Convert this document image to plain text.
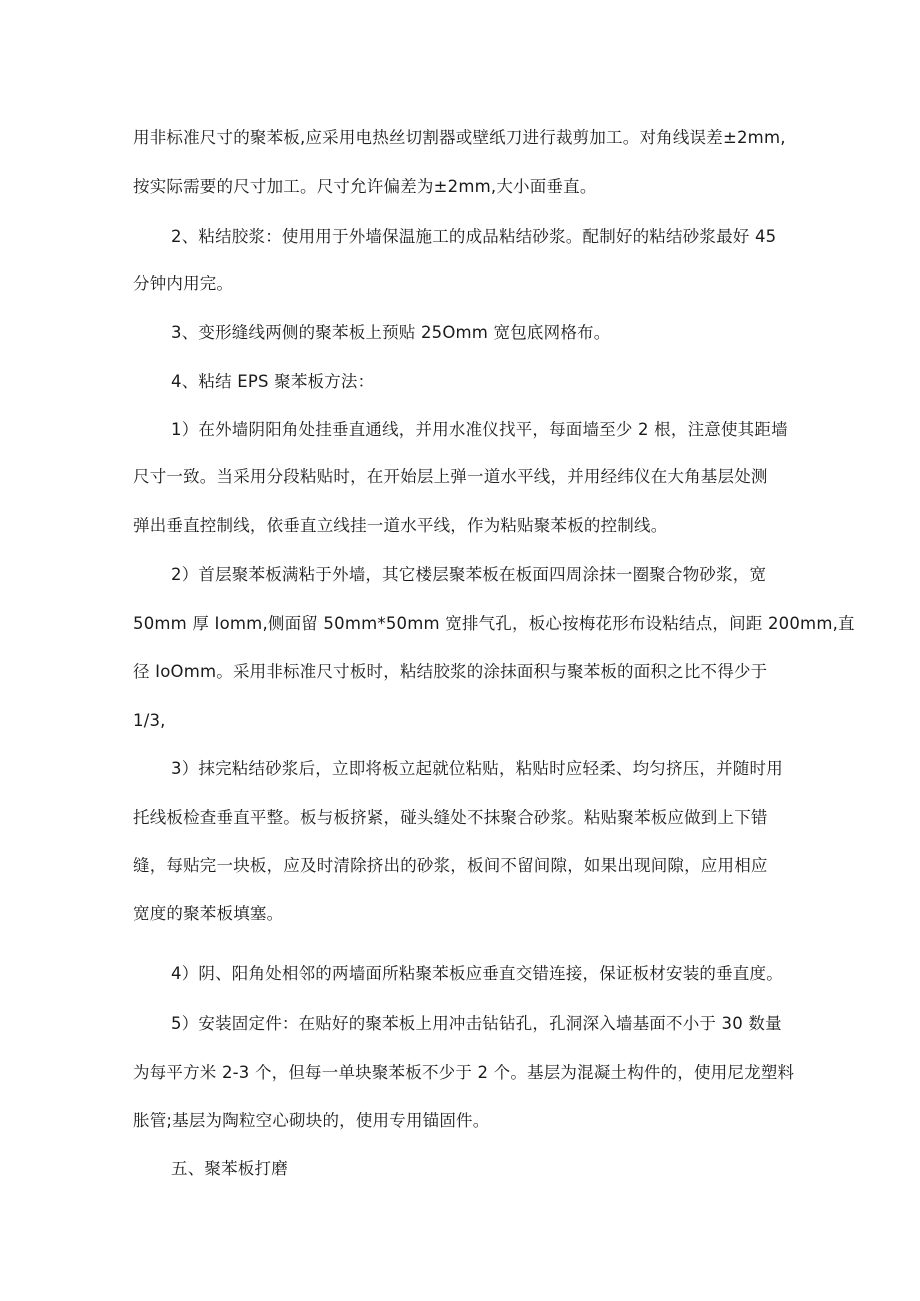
用非标准尺寸的聚苯板,应采用电热丝切割器或壁纸刀进行裁剪加工。对角线误差±2mm,
按实际需要的尺寸加工。尺寸允许偏差为±2mm,大小面垂直。
2、粘结胶浆：使用用于外墙保温施工的成品粘结砂浆。配制好的粘结砂浆最好 45
分钟内用完。
3、变形缝线两侧的聚苯板上预贴 25Omm 宽包底网格布。
4、粘结 EPS 聚苯板方法：
1）在外墙阴阳角处挂垂直通线，并用水准仪找平，每面墙至少 2 根，注意使其距墙
尺寸一致。当采用分段粘贴时，在开始层上弹一道水平线，并用经纬仪在大角基层处测
弹出垂直控制线，依垂直立线挂一道水平线，作为粘贴聚苯板的控制线。
2）首层聚苯板满粘于外墙，其它楼层聚苯板在板面四周涂抹一圈聚合物砂浆，宽
50mm 厚 Iomm,侧面留 50mm*50mm 宽排气孔，板心按梅花形布设粘结点，间距 200mm,直
径 IoOmm。采用非标准尺寸板时，粘结胶浆的涂抹面积与聚苯板的面积之比不得少于
1/3,
3）抹完粘结砂浆后，立即将板立起就位粘贴，粘贴时应轻柔、均匀挤压，并随时用
托线板检查垂直平整。板与板挤紧，碰头缝处不抹聚合砂浆。粘贴聚苯板应做到上下错
缝，每贴完一块板，应及时清除挤出的砂浆，板间不留间隙，如果出现间隙，应用相应
宽度的聚苯板填塞。
4）阴、阳角处相邻的两墙面所粘聚苯板应垂直交错连接，保证板材安装的垂直度。
5）安装固定件：在贴好的聚苯板上用冲击钻钻孔，孔洞深入墙基面不小于 30 数量
为每平方米 2-3 个，但每一单块聚苯板不少于 2 个。基层为混凝土构件的，使用尼龙塑料
胀管;基层为陶粒空心砌块的，使用专用锚固件。
五、聚苯板打磨
